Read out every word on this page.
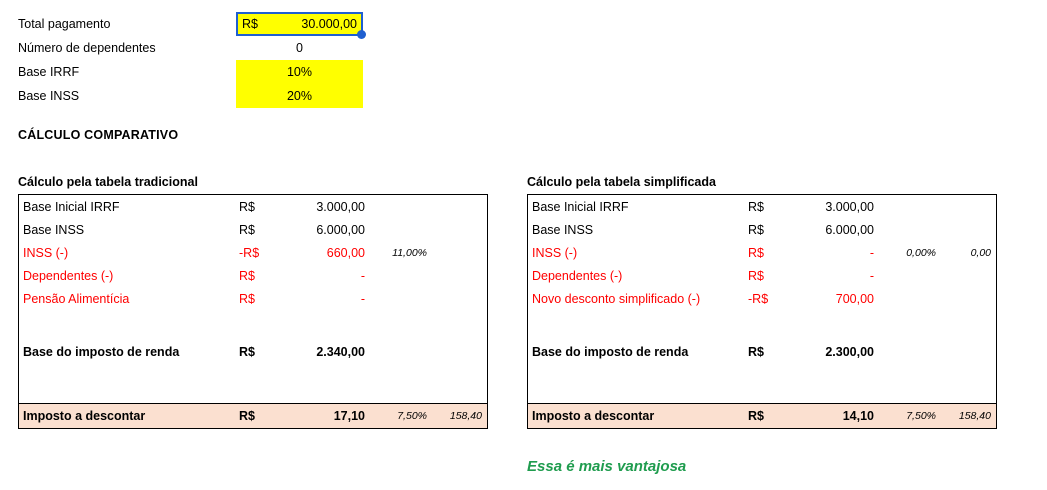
Total pagamento	R$	30.000,00
Número de dependentes	0
Base IRRF	10%
Base INSS	20%
CÁLCULO COMPARATIVO
Cálculo pela tabela tradicional
Base Inicial IRRF	R$	3.000,00
Base INSS	R$	6.000,00
INSS (-)	-R$	660,00	11,00%
Dependentes (-)	R$	-
Pensão Alimentícia	R$	-
Base do imposto de renda	R$	2.340,00
Imposto a descontar	R$	17,10	7,50%	158,40
Cálculo pela tabela simplificada
Base Inicial IRRF	R$	3.000,00
Base INSS	R$	6.000,00
INSS (-)	R$	-	0,00%	0,00
Dependentes (-)	R$	-
Novo desconto simplificado (-)	-R$	700,00
Base do imposto de renda	R$	2.300,00
Imposto a descontar	R$	14,10	7,50%	158,40
Essa é mais vantajosa
